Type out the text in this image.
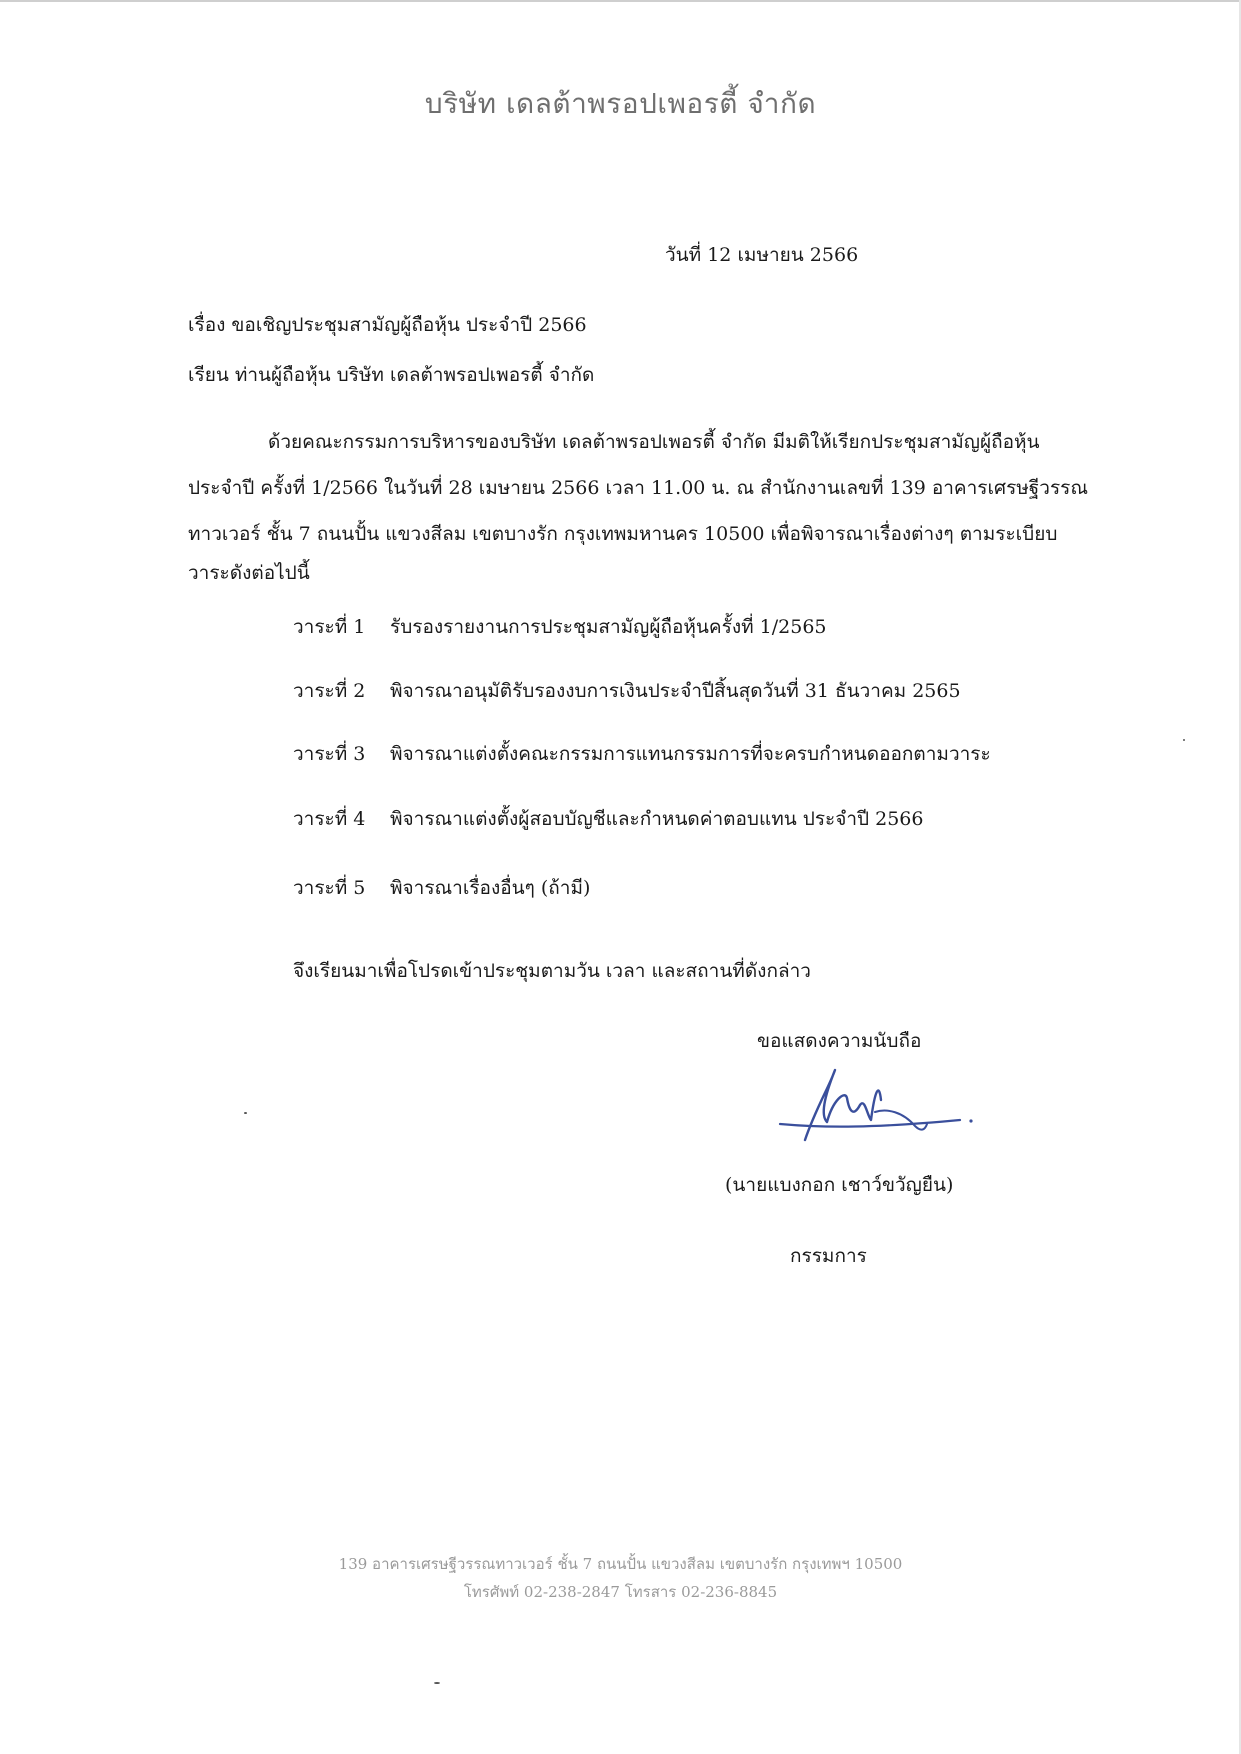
บริษัท เดลต้าพรอปเพอรตี้ จำกัด
วันที่ 12 เมษายน 2566
เรื่อง ขอเชิญประชุมสามัญผู้ถือหุ้น ประจำปี 2566
เรียน ท่านผู้ถือหุ้น บริษัท เดลต้าพรอปเพอรตี้ จำกัด
ด้วยคณะกรรมการบริหารของบริษัท เดลต้าพรอปเพอรตี้ จำกัด มีมติให้เรียกประชุมสามัญผู้ถือหุ้น
ประจำปี ครั้งที่ 1/2566 ในวันที่ 28 เมษายน 2566 เวลา 11.00 น. ณ สำนักงานเลขที่ 139 อาคารเศรษฐีวรรณ
ทาวเวอร์ ชั้น 7 ถนนปั้น แขวงสีลม เขตบางรัก กรุงเทพมหานคร 10500 เพื่อพิจารณาเรื่องต่างๆ ตามระเบียบ
วาระดังต่อไปนี้
วาระที่ 1 รับรองรายงานการประชุมสามัญผู้ถือหุ้นครั้งที่ 1/2565
วาระที่ 2 พิจารณาอนุมัติรับรองงบการเงินประจำปีสิ้นสุดวันที่ 31 ธันวาคม 2565
วาระที่ 3 พิจารณาแต่งตั้งคณะกรรมการแทนกรรมการที่จะครบกำหนดออกตามวาระ
วาระที่ 4 พิจารณาแต่งตั้งผู้สอบบัญชีและกำหนดค่าตอบแทน ประจำปี 2566
วาระที่ 5 พิจารณาเรื่องอื่นๆ (ถ้ามี)
จึงเรียนมาเพื่อโปรดเข้าประชุมตามวัน เวลา และสถานที่ดังกล่าว
ขอแสดงความนับถือ
(นายแบงกอก เชาว์ขวัญยืน)
กรรมการ
139 อาคารเศรษฐีวรรณทาวเวอร์ ชั้น 7 ถนนปั้น แขวงสีลม เขตบางรัก กรุงเทพฯ 10500
โทรศัพท์ 02-238-2847 โทรสาร 02-236-8845
